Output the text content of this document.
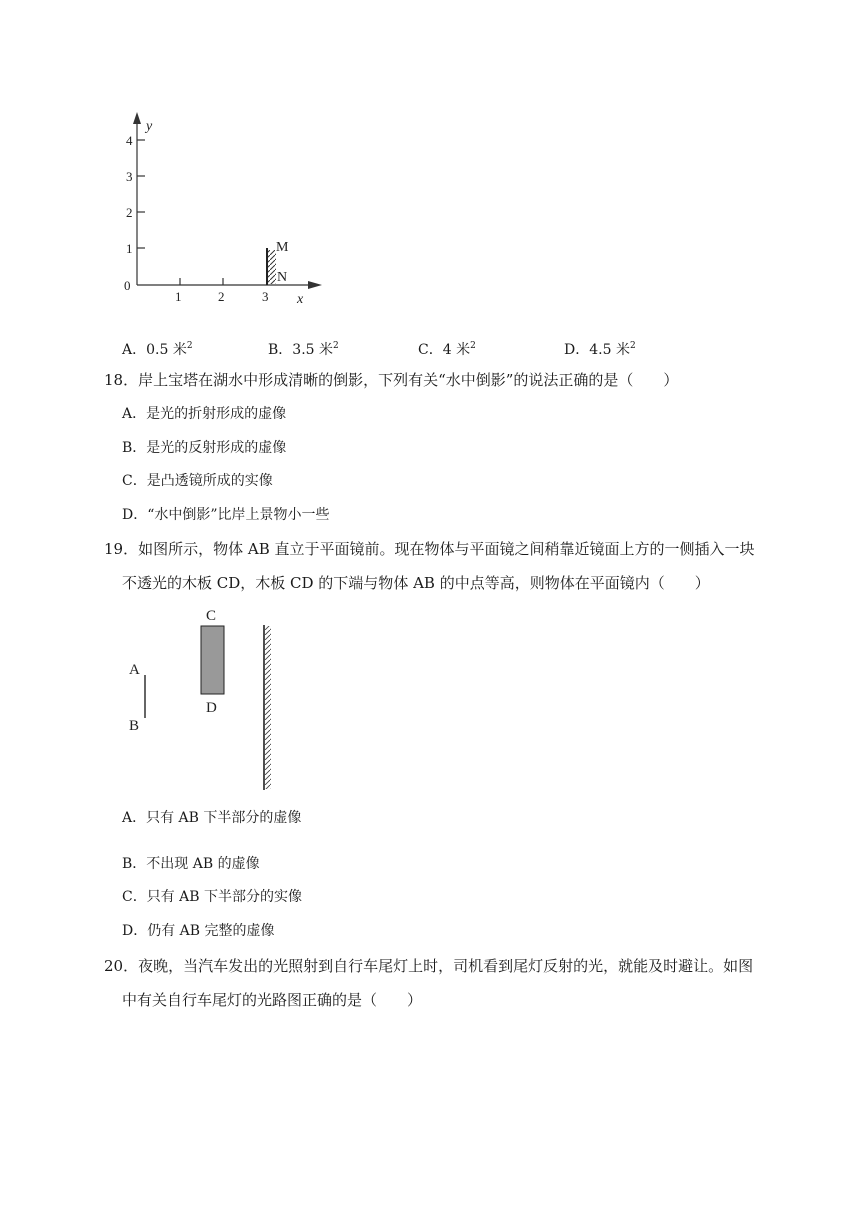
y
x
4
3
2
1
0
1	2	3
M
N
A．0.5 米$^2$	B．3.5 米$^2$	C．4 米$^2$	D．4.5 米$^2$
18．岸上宝塔在湖水中形成清晰的倒影，下列有关“水中倒影”的说法正确的是（　　）
A．是光的折射形成的虚像
B．是光的反射形成的虚像
C．是凸透镜所成的实像
D．“水中倒影”比岸上景物小一些
19．如图所示，物体 AB 直立于平面镜前。现在物体与平面镜之间稍靠近镜面上方的一侧插入一块
不透光的木板 CD，木板 CD 的下端与物体 AB 的中点等高，则物体在平面镜内（　　）
A
B
C
D
A．只有 AB 下半部分的虚像
B．不出现 AB 的虚像
C．只有 AB 下半部分的实像
D．仍有 AB 完整的虚像
20．夜晚，当汽车发出的光照射到自行车尾灯上时，司机看到尾灯反射的光，就能及时避让。如图
中有关自行车尾灯的光路图正确的是（　　）
